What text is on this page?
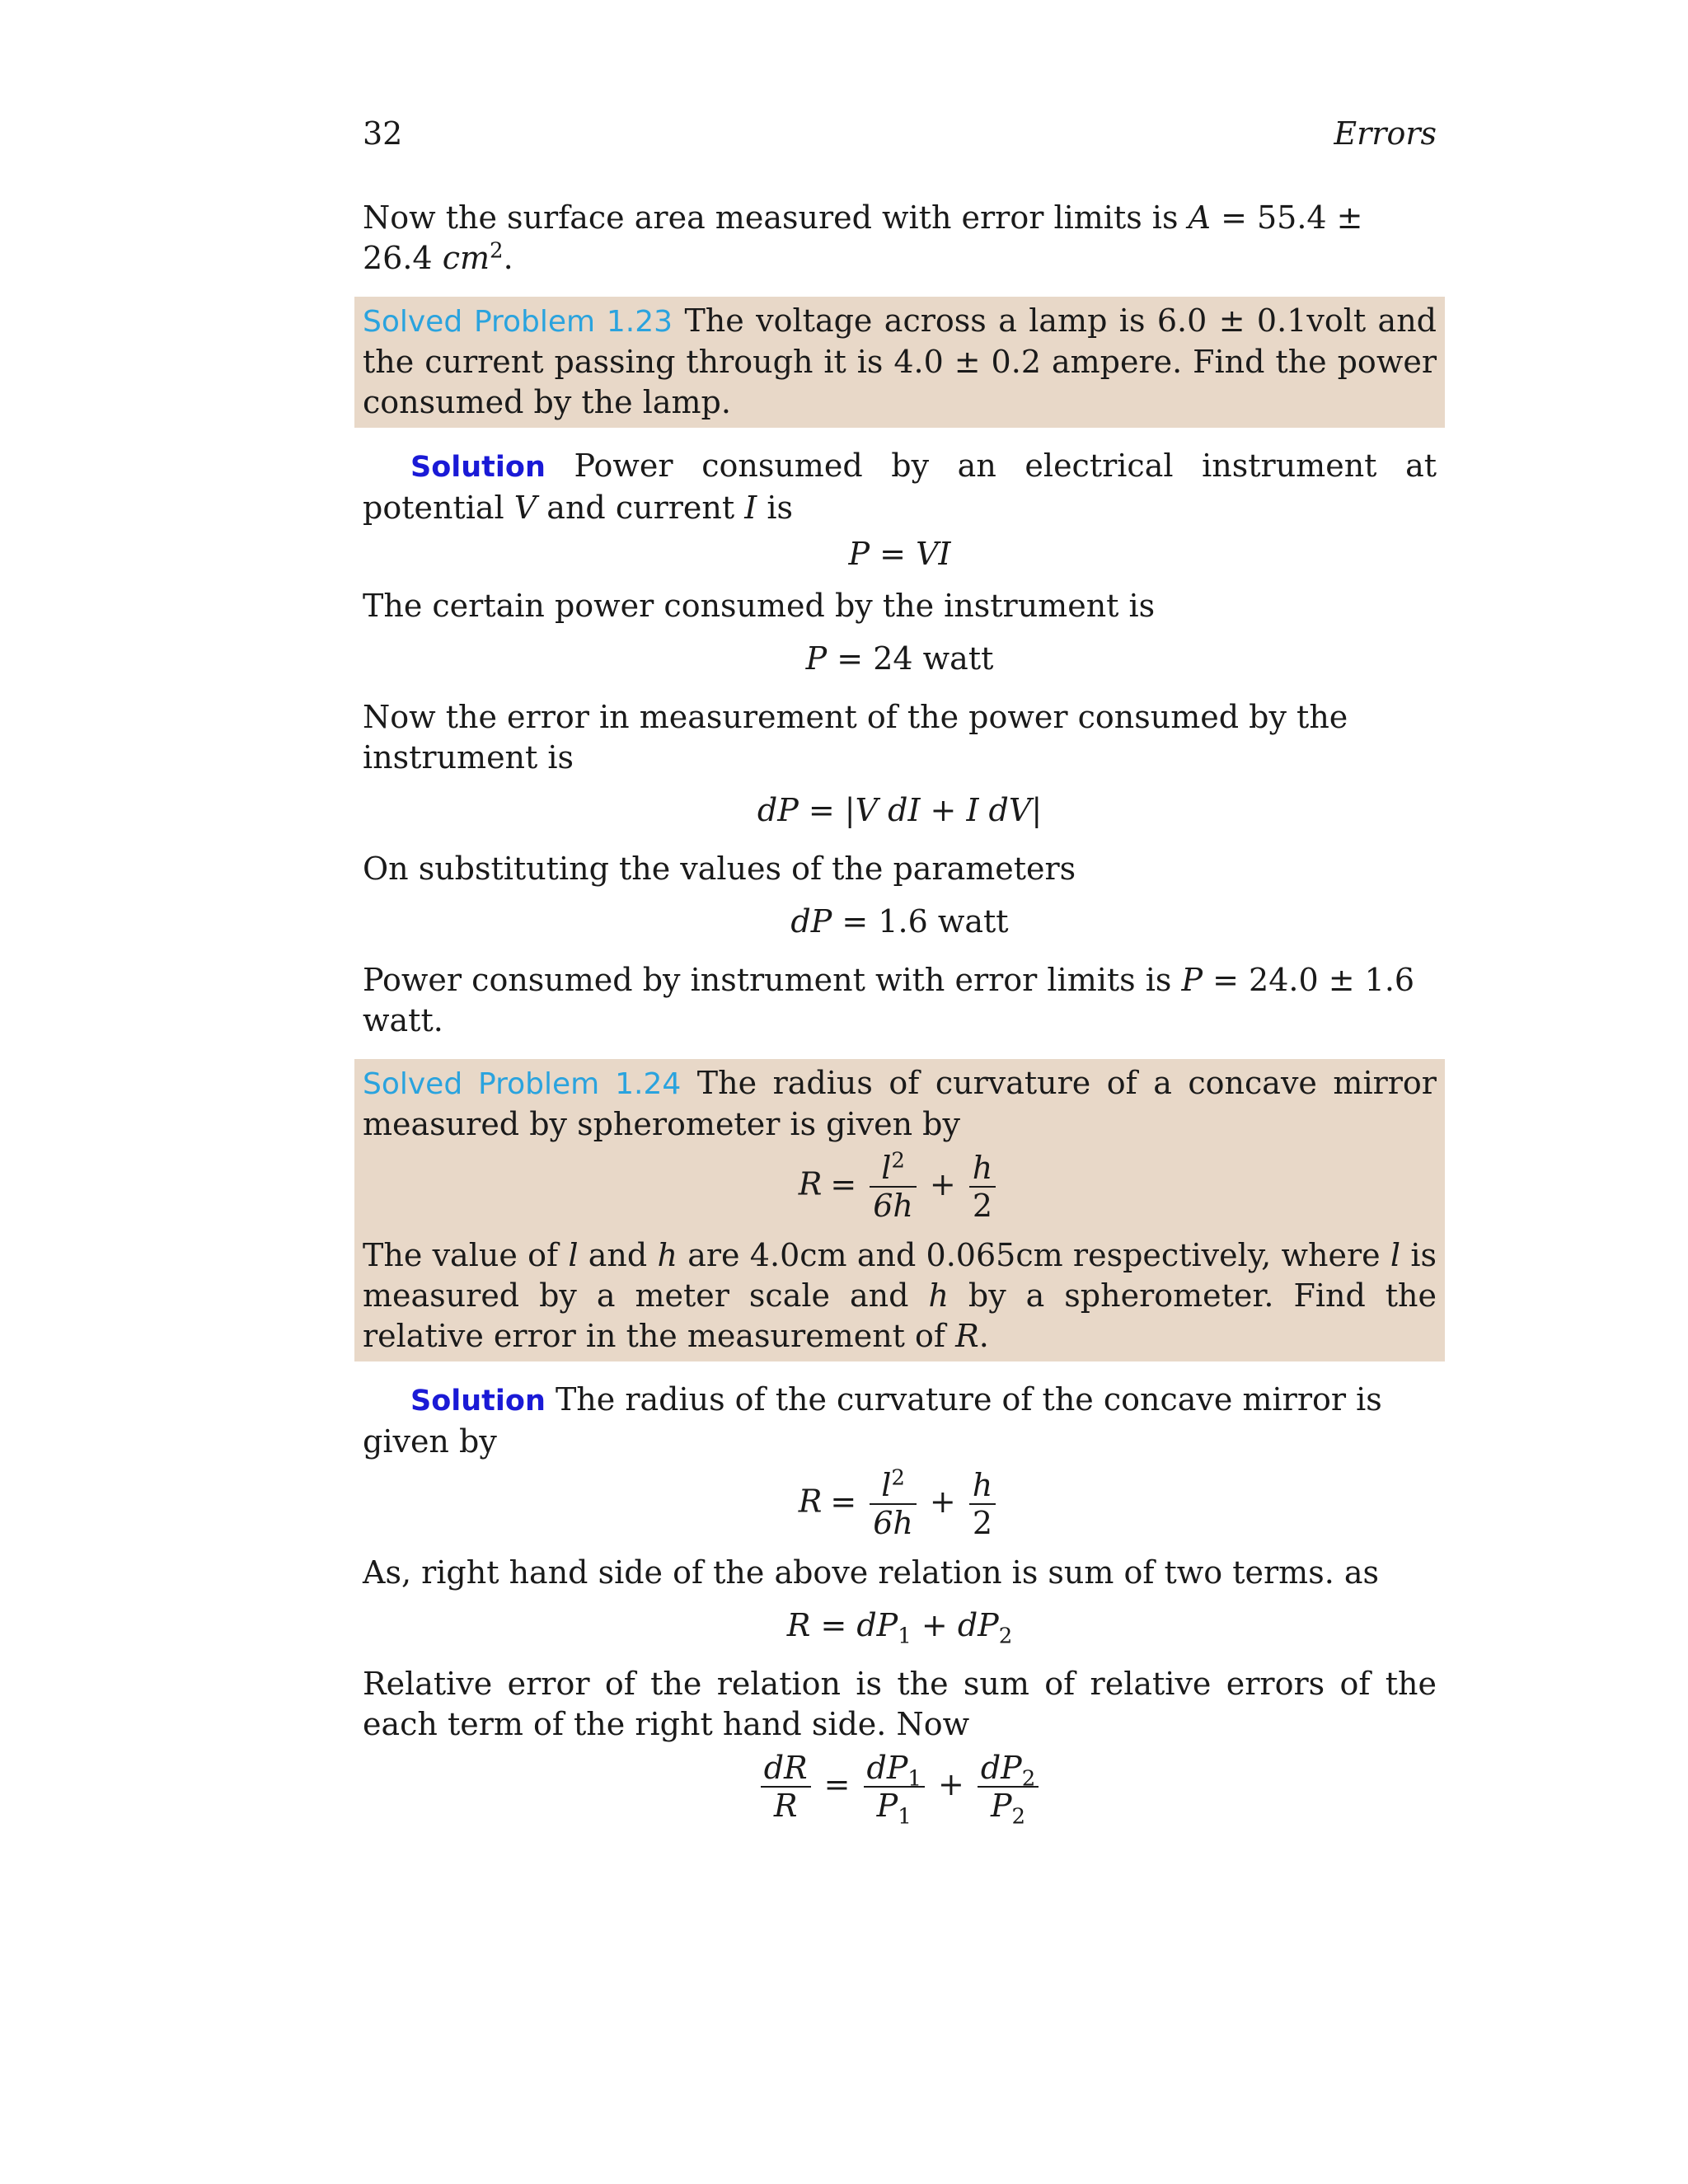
32	Errors

Now the surface area measured with error limits is A = 55.4 ± 26.4 $cm^2$.

Solved Problem 1.23 The voltage across a lamp is 6.0 ± 0.1volt and the current passing through it is 4.0 ± 0.2 ampere. Find the power consumed by the lamp.

Solution Power consumed by an electrical instrument at potential V and current I is

P = VI

The certain power consumed by the instrument is

P = 24 watt

Now the error in measurement of the power consumed by the instrument is

dP = |V dI + I dV|

On substituting the values of the parameters

dP = 1.6 watt

Power consumed by instrument with error limits is P = 24.0 ± 1.6 watt.

Solved Problem 1.24 The radius of curvature of a concave mirror measured by spherometer is given by

$R = \frac{l^2}{6h} + \frac{h}{2}$

The value of l and h are 4.0cm and 0.065cm respectively, where l is measured by a meter scale and h by a spherometer. Find the relative error in the measurement of R.

Solution The radius of the curvature of the concave mirror is given by

$R = \frac{l^2}{6h} + \frac{h}{2}$

As, right hand side of the above relation is sum of two terms. as

$R = dP_1 + dP_2$

Relative error of the relation is the sum of relative errors of the each term of the right hand side. Now

$\frac{dR}{R} = \frac{dP_1}{P_1} + \frac{dP_2}{P_2}$
